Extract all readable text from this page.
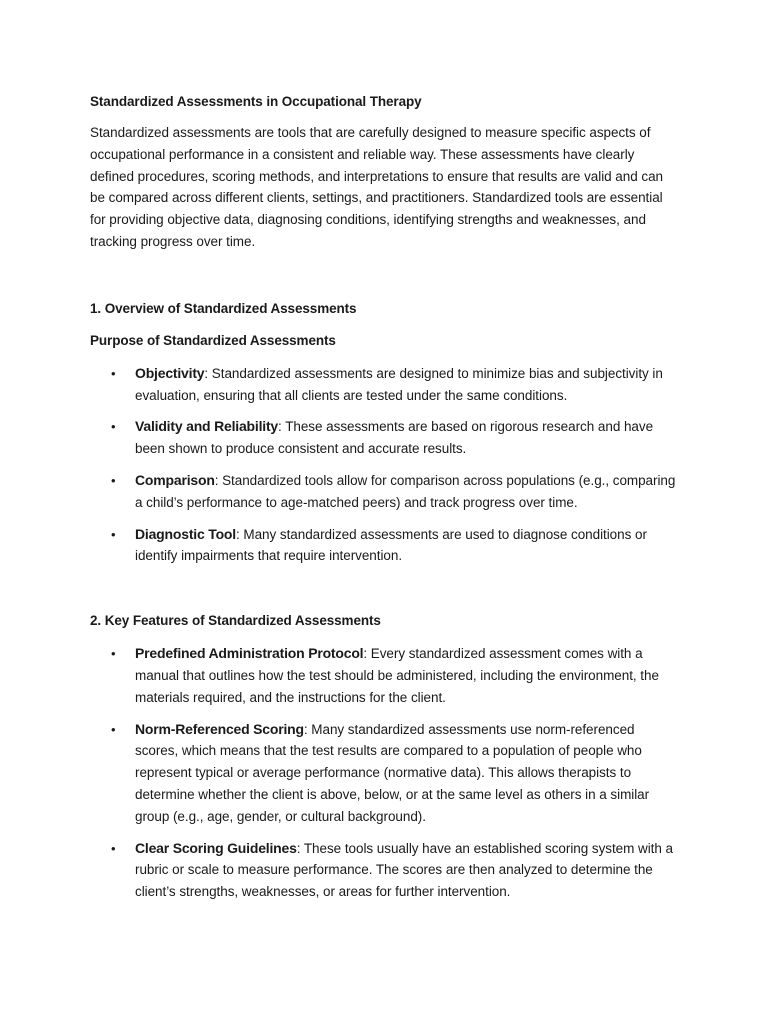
Standardized Assessments in Occupational Therapy

Standardized assessments are tools that are carefully designed to measure specific aspects of occupational performance in a consistent and reliable way. These assessments have clearly defined procedures, scoring methods, and interpretations to ensure that results are valid and can be compared across different clients, settings, and practitioners. Standardized tools are essential for providing objective data, diagnosing conditions, identifying strengths and weaknesses, and tracking progress over time.

1. Overview of Standardized Assessments
Purpose of Standardized Assessments
• Objectivity: Standardized assessments are designed to minimize bias and subjectivity in evaluation, ensuring that all clients are tested under the same conditions.
• Validity and Reliability: These assessments are based on rigorous research and have been shown to produce consistent and accurate results.
• Comparison: Standardized tools allow for comparison across populations (e.g., comparing a child’s performance to age-matched peers) and track progress over time.
• Diagnostic Tool: Many standardized assessments are used to diagnose conditions or identify impairments that require intervention.
2. Key Features of Standardized Assessments
• Predefined Administration Protocol: Every standardized assessment comes with a manual that outlines how the test should be administered, including the environment, the materials required, and the instructions for the client.
• Norm-Referenced Scoring: Many standardized assessments use norm-referenced scores, which means that the test results are compared to a population of people who represent typical or average performance (normative data). This allows therapists to determine whether the client is above, below, or at the same level as others in a similar group (e.g., age, gender, or cultural background).
• Clear Scoring Guidelines: These tools usually have an established scoring system with a rubric or scale to measure performance. The scores are then analyzed to determine the client’s strengths, weaknesses, or areas for further intervention.
